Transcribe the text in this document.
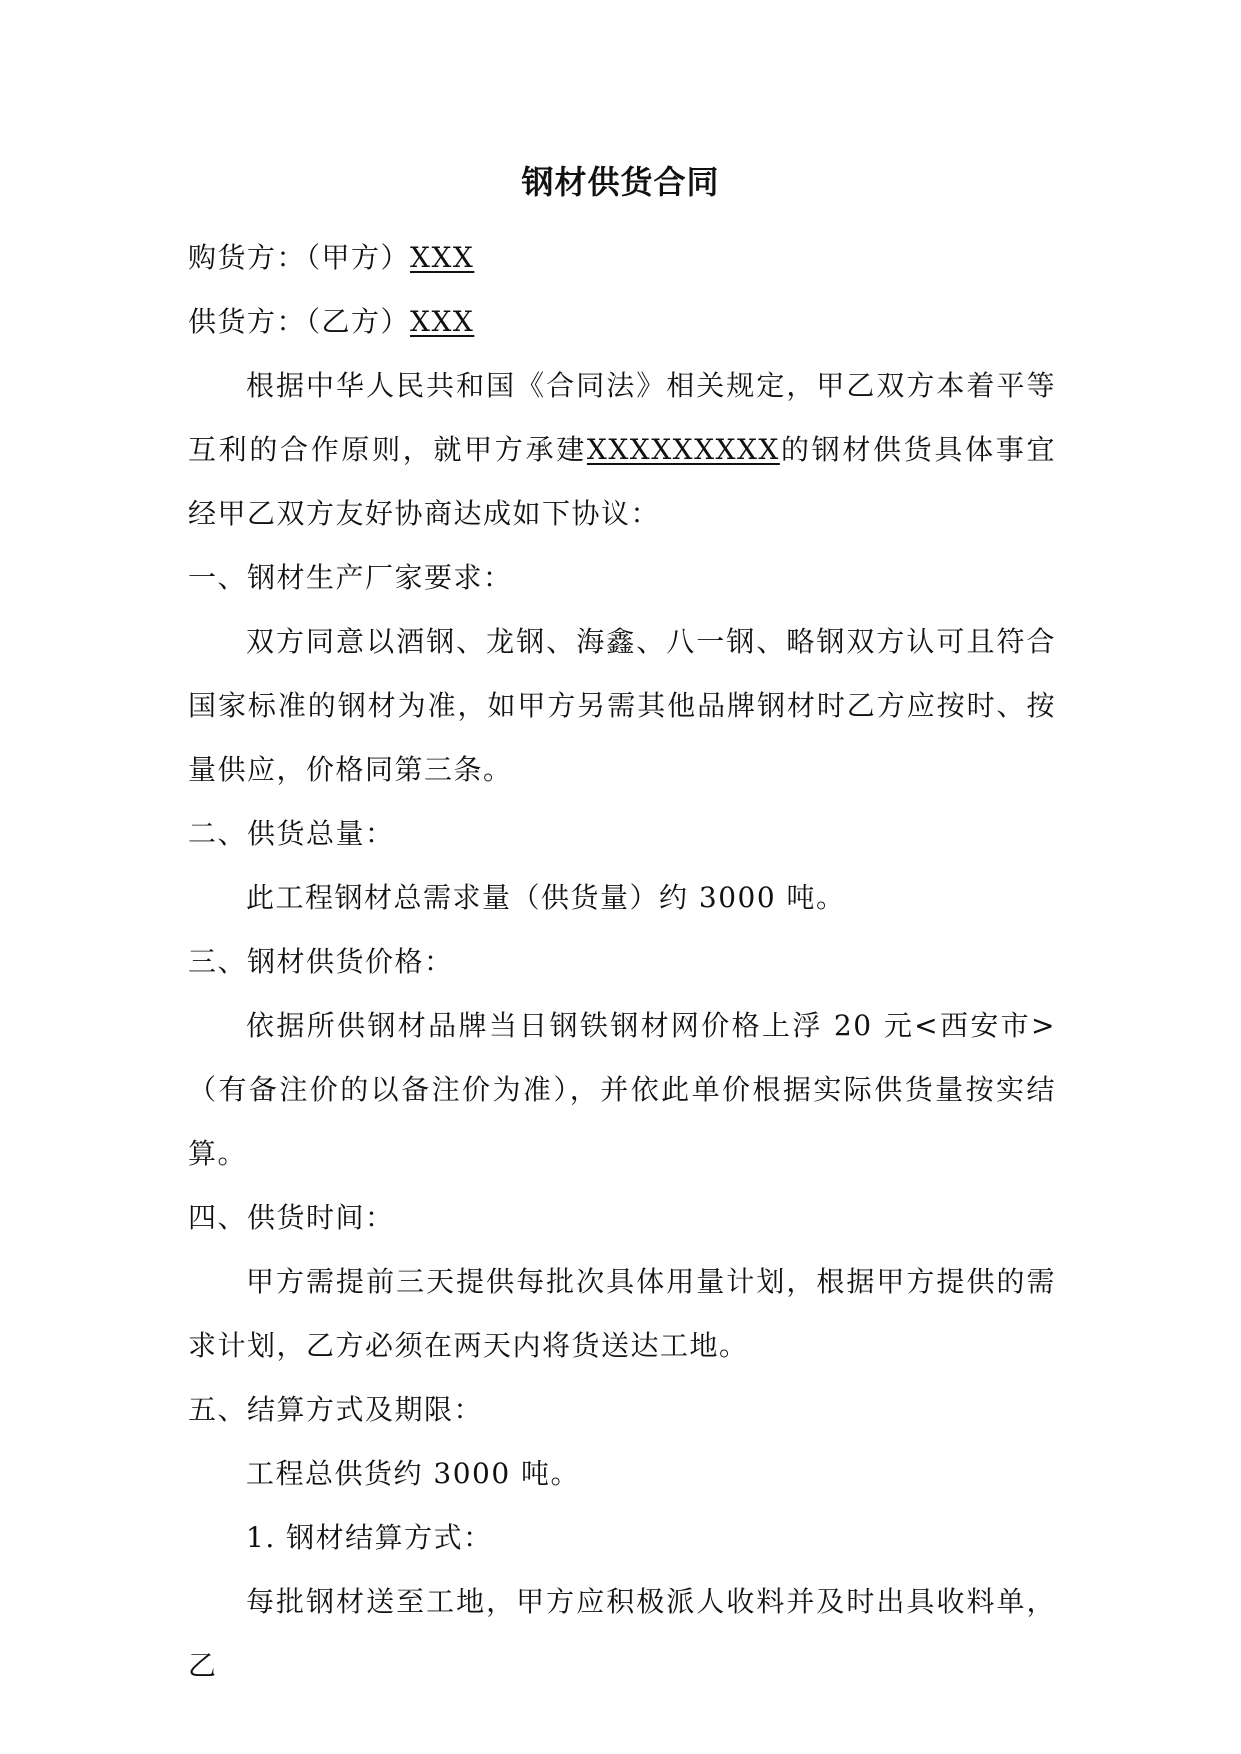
钢材供货合同

购货方：（甲方）XXX

供货方：（乙方）XXX

根据中华人民共和国《合同法》相关规定，甲乙双方本着平等互利的合作原则，就甲方承建XXXXXXXXX的钢材供货具体事宜经甲乙双方友好协商达成如下协议：

一、钢材生产厂家要求：

双方同意以酒钢、龙钢、海鑫、八一钢、略钢双方认可且符合国家标准的钢材为准，如甲方另需其他品牌钢材时乙方应按时、按量供应，价格同第三条。

二、供货总量：

此工程钢材总需求量（供货量）约 3000 吨。

三、钢材供货价格：

依据所供钢材品牌当日钢铁钢材网价格上浮 20 元<西安市>（有备注价的以备注价为准），并依此单价根据实际供货量按实结算。

四、供货时间：

甲方需提前三天提供每批次具体用量计划，根据甲方提供的需求计划，乙方必须在两天内将货送达工地。

五、结算方式及期限：

工程总供货约 3000 吨。

1. 钢材结算方式：

每批钢材送至工地，甲方应积极派人收料并及时出具收料单，乙
